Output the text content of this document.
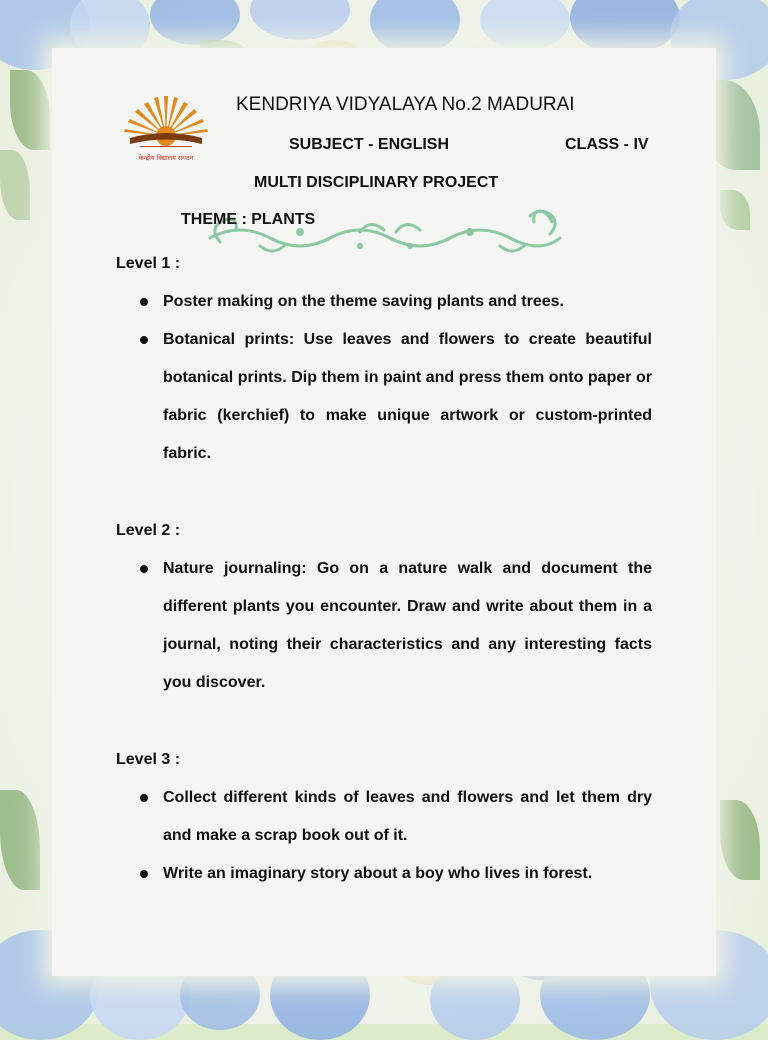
केन्द्रीय विद्यालय संगठन
KENDRIYA VIDYALAYA No.2 MADURAI
SUBJECT - ENGLISH	CLASS - IV
MULTI DISCIPLINARY PROJECT
THEME : PLANTS
Level 1 :
Poster making on the theme saving plants and trees.
Botanical prints: Use leaves and flowers to create beautiful botanical prints. Dip them in paint and press them onto paper or fabric (kerchief) to make unique artwork or custom-printed fabric.
Level 2 :
Nature journaling: Go on a nature walk and document the different plants you encounter. Draw and write about them in a journal, noting their characteristics and any interesting facts you discover.
Level 3 :
Collect different kinds of leaves and flowers and let them dry and make a scrap book out of it.
Write an imaginary story about a boy who lives in forest.
